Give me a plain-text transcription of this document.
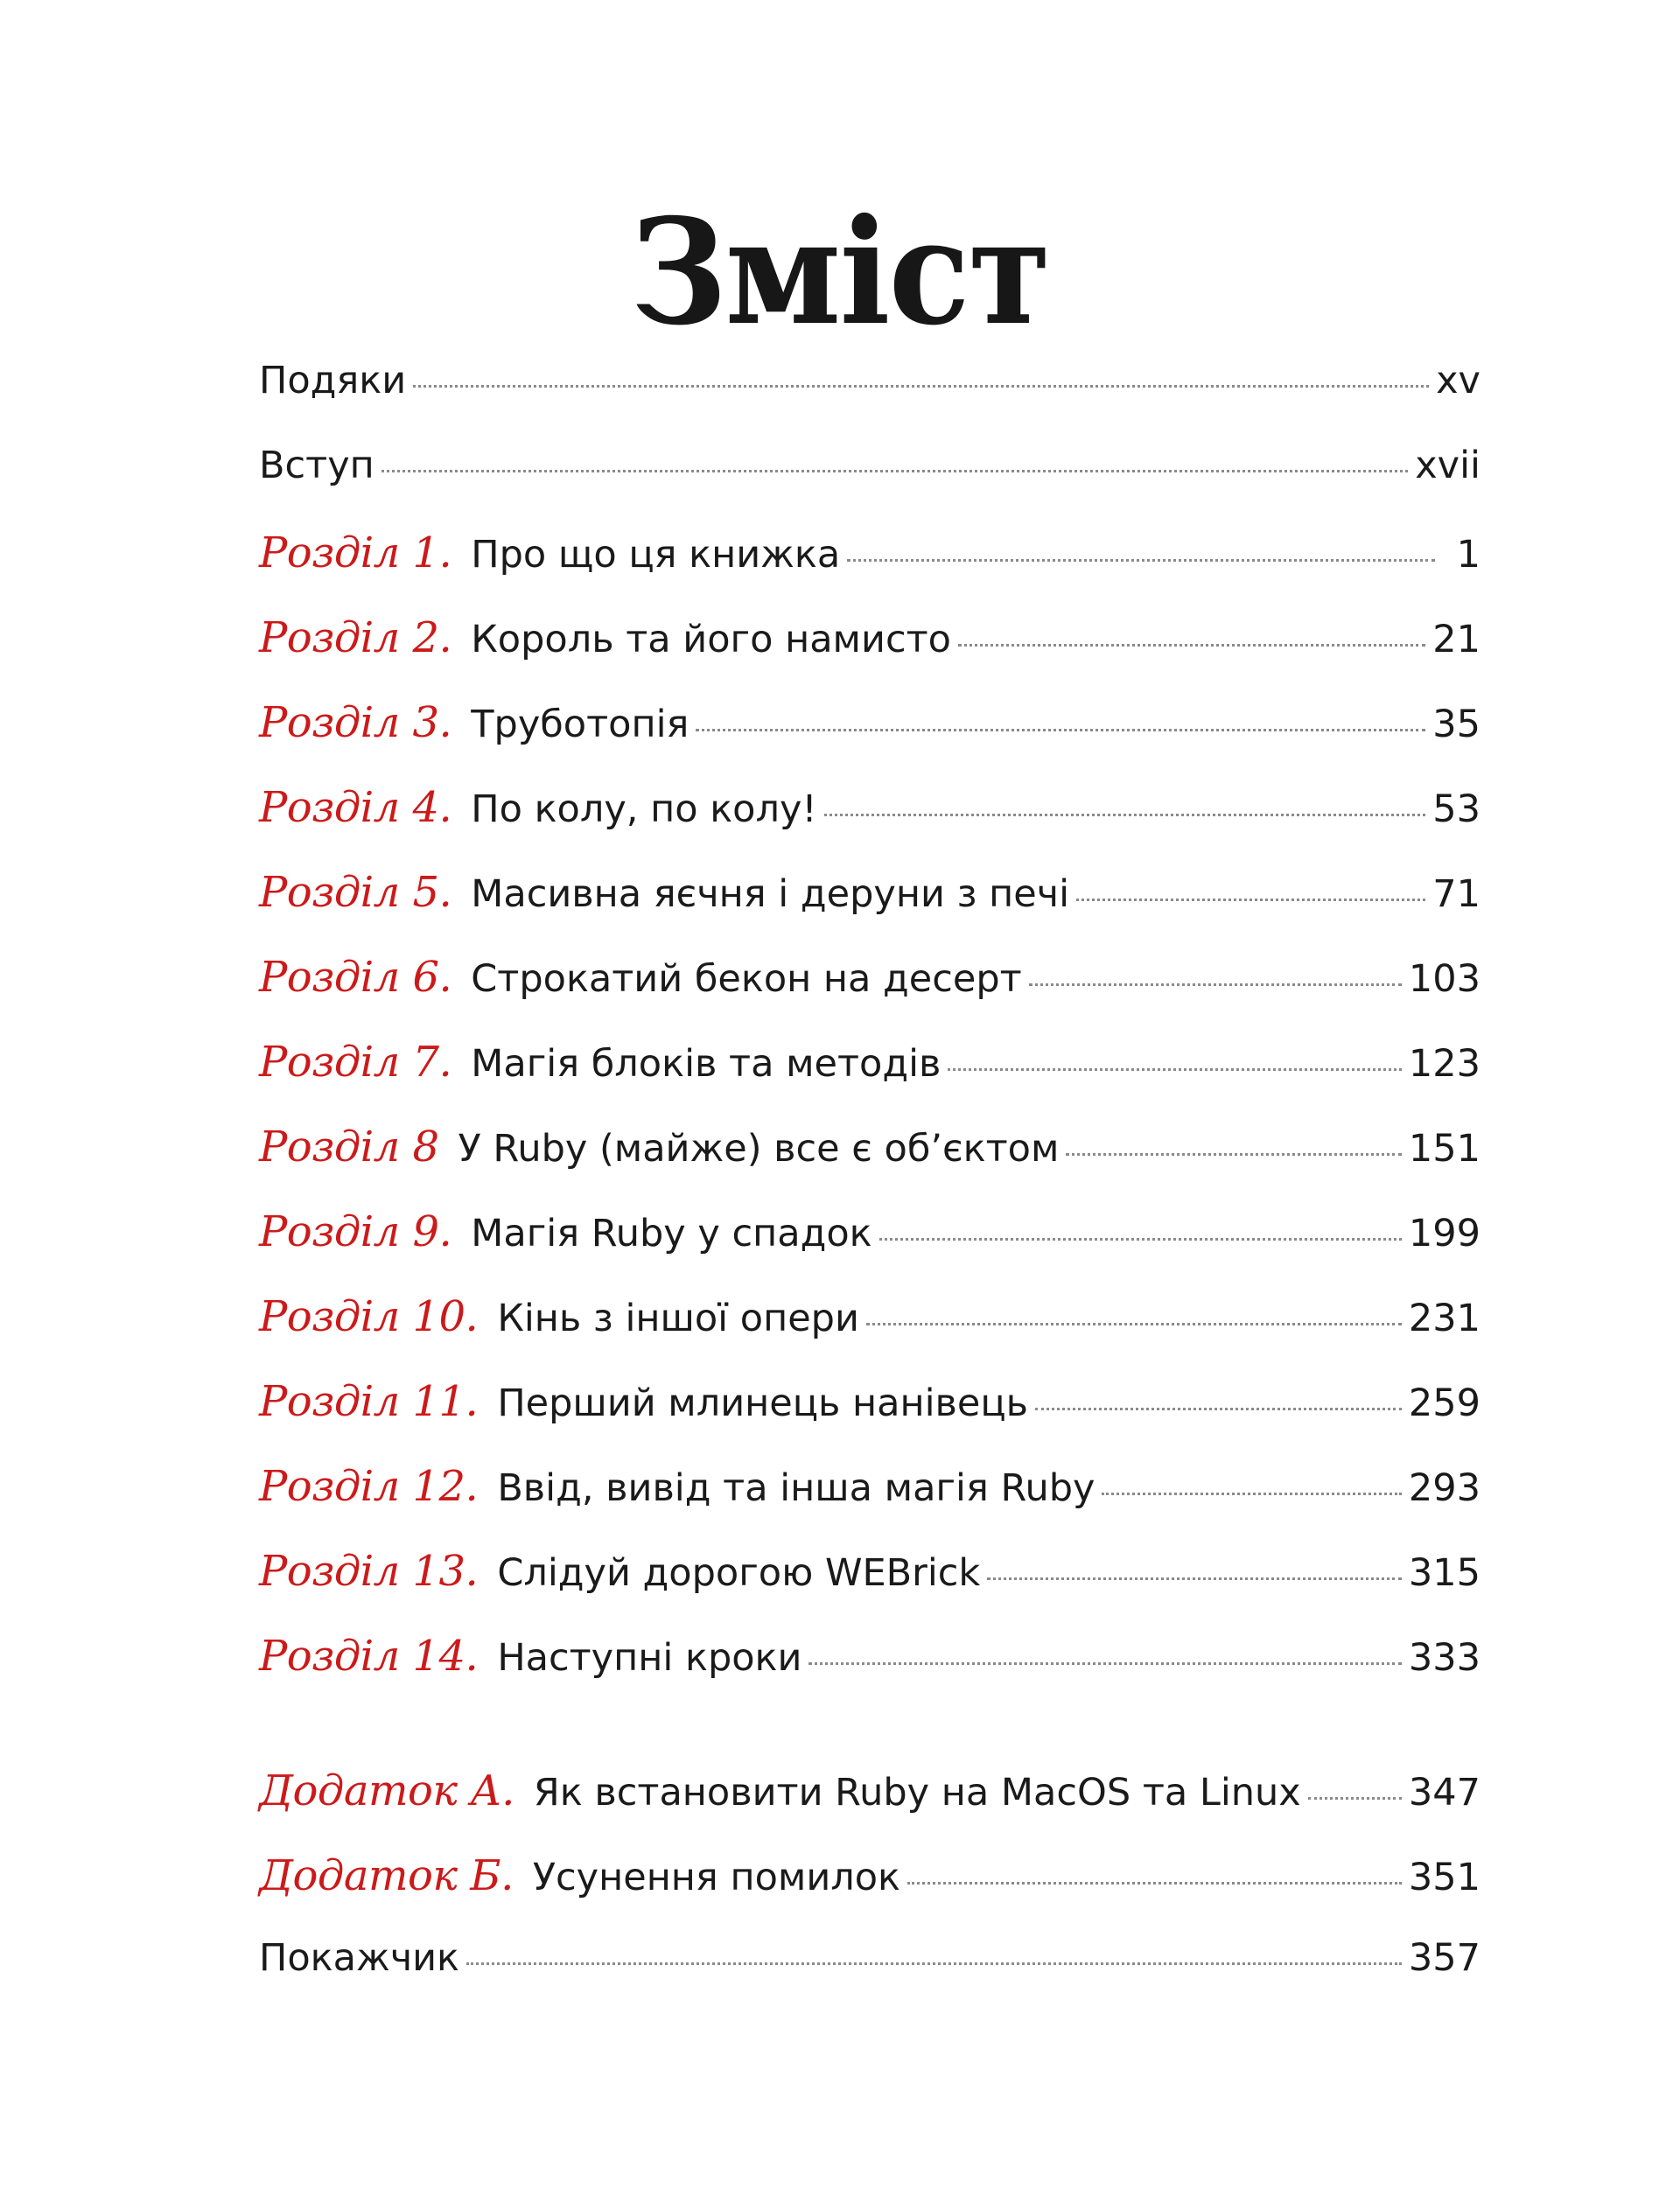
Зміст
Подяки	xv
Вступ	xvii
Розділ 1. Про що ця книжка	1
Розділ 2. Король та його намисто	21
Розділ 3. Труботопія	35
Розділ 4. По колу, по колу!	53
Розділ 5. Масивна яєчня і деруни з печі	71
Розділ 6. Строкатий бекон на десерт	103
Розділ 7. Магія блоків та методів	123
Розділ 8 У Ruby (майже) все є об’єктом	151
Розділ 9. Магія Ruby у спадок	199
Розділ 10. Кінь з іншої опери	231
Розділ 11. Перший млинець нанівець	259
Розділ 12. Ввід, вивід та інша магія Ruby	293
Розділ 13. Слідуй дорогою WEBrick	315
Розділ 14. Наступні кроки	333
Додаток А. Як встановити Ruby на MacOS та Linux	347
Додаток Б. Усунення помилок	351
Покажчик	357
